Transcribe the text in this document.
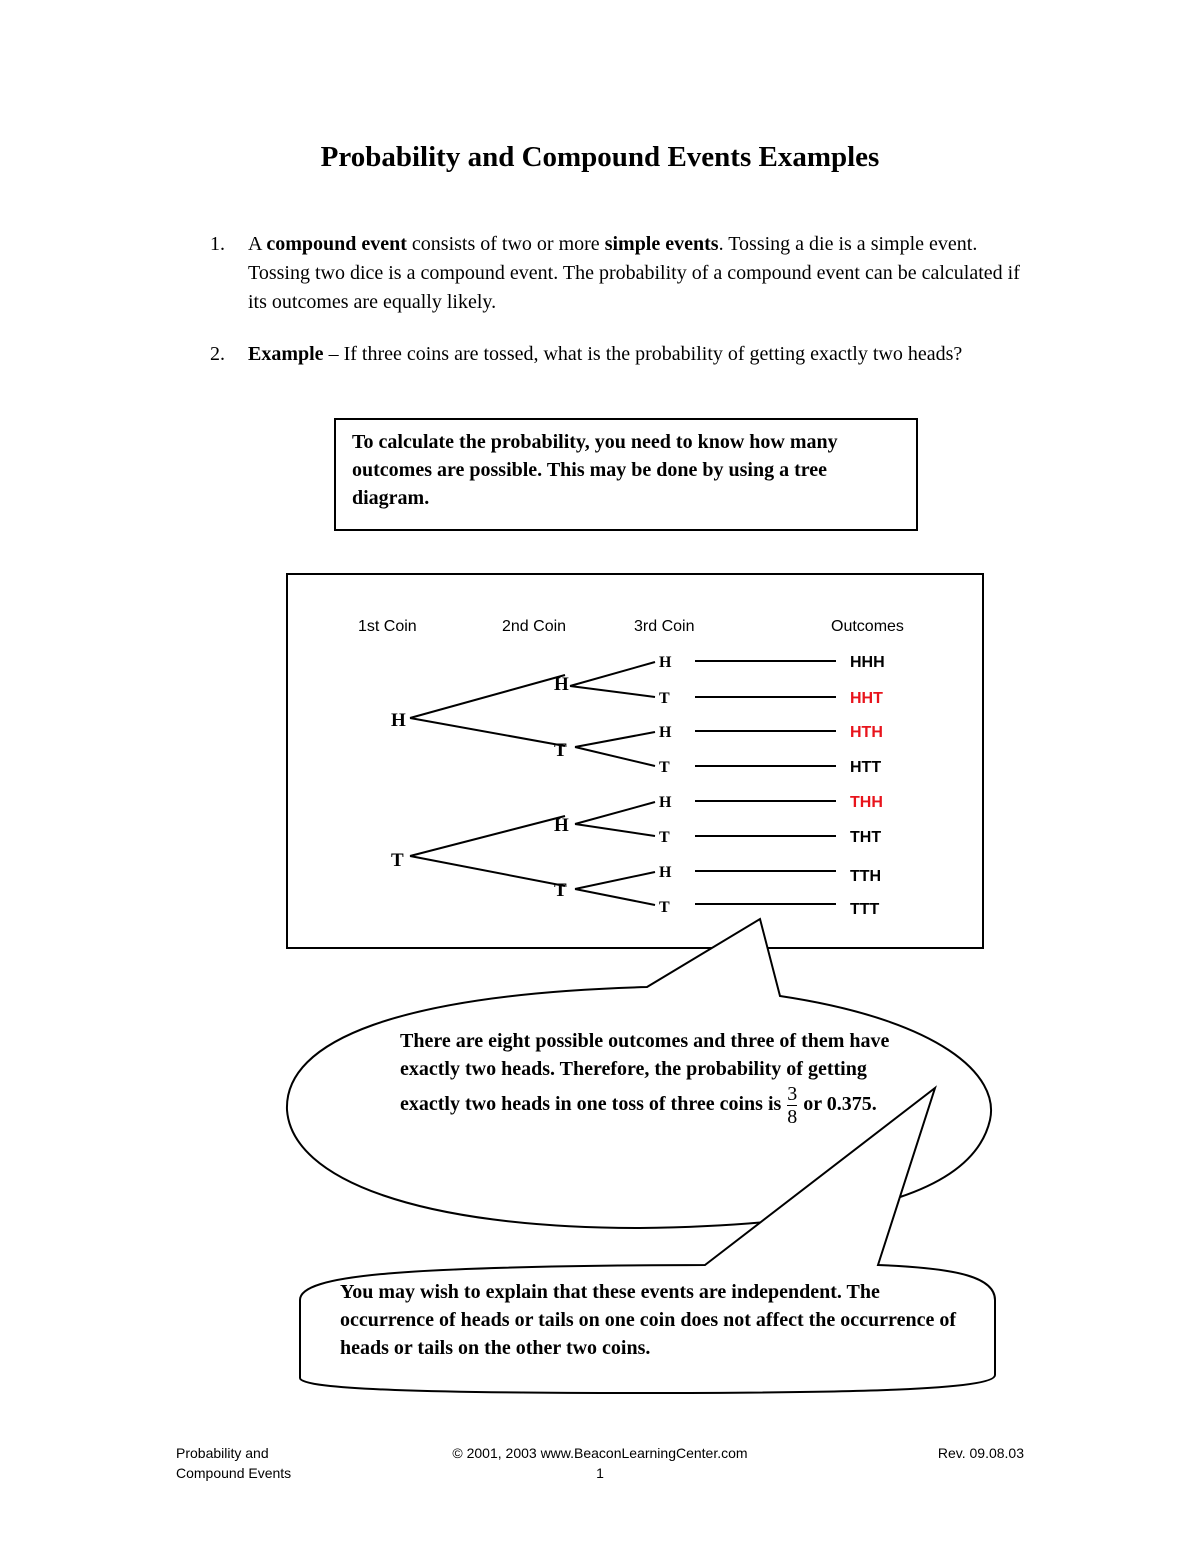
Probability and Compound Events Examples
1. A compound event consists of two or more simple events. Tossing a die is a simple event. Tossing two dice is a compound event. The probability of a compound event can be calculated if its outcomes are equally likely.
2. Example – If three coins are tossed, what is the probability of getting exactly two heads?
To calculate the probability, you need to know how many outcomes are possible. This may be done by using a tree diagram.
1st Coin	2nd Coin	3rd Coin	Outcomes
H
T
H
T
H
T
H
T
H
T
H
T
H
T
HHH
HHT
HTH
HTT
THH
THT
TTH
TTT
There are eight possible outcomes and three of them have exactly two heads. Therefore, the probability of getting exactly two heads in one toss of three coins is $\frac{3}{8}$ or 0.375.
You may wish to explain that these events are independent. The occurrence of heads or tails on one coin does not affect the occurrence of heads or tails on the other two coins.
Probability and
Compound Events
© 2001, 2003 www.BeaconLearningCenter.com
1
Rev. 09.08.03
